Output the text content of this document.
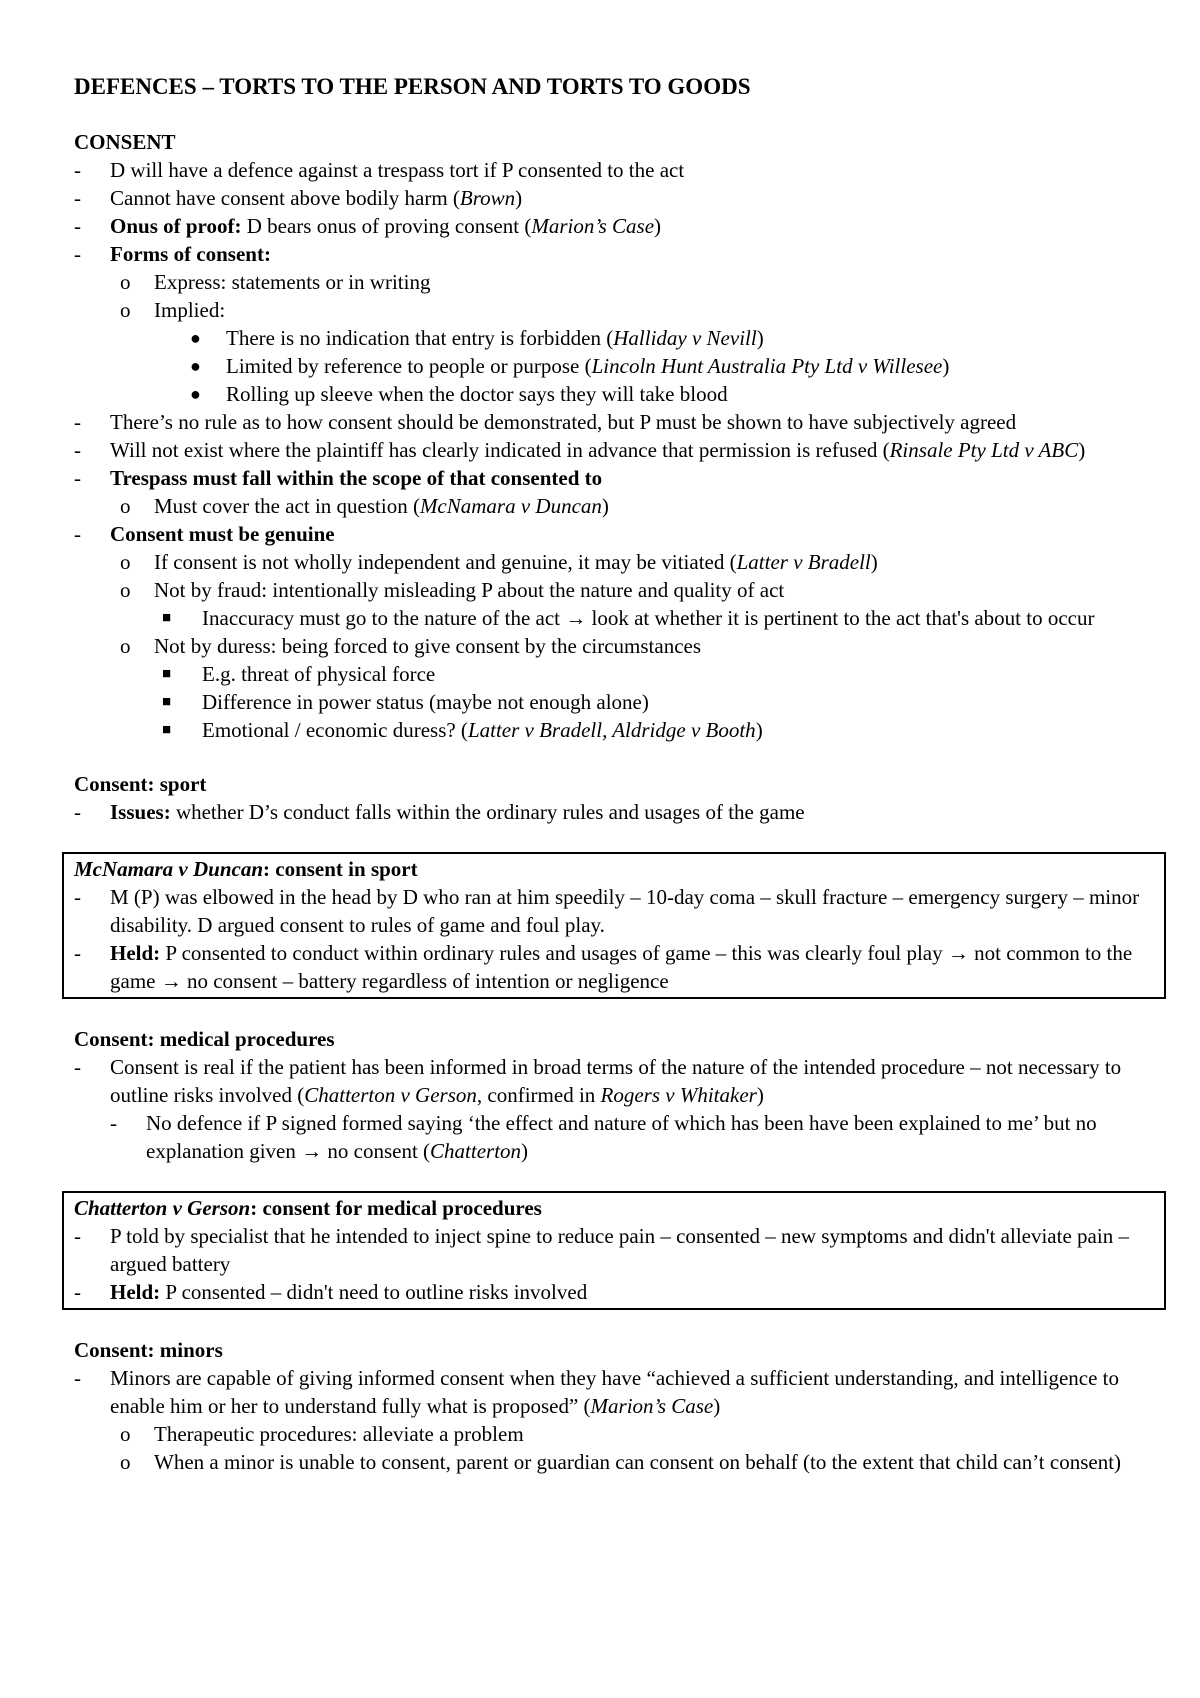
DEFENCES – TORTS TO THE PERSON AND TORTS TO GOODS
CONSENT
-	D will have a defence against a trespass tort if P consented to the act
-	Cannot have consent above bodily harm (Brown)
-	Onus of proof: D bears onus of proving consent (Marion’s Case)
-	Forms of consent:
o	Express: statements or in writing
o	Implied:
●	There is no indication that entry is forbidden (Halliday v Nevill)
●	Limited by reference to people or purpose (Lincoln Hunt Australia Pty Ltd v Willesee)
●	Rolling up sleeve when the doctor says they will take blood
-	There’s no rule as to how consent should be demonstrated, but P must be shown to have subjectively agreed
-	Will not exist where the plaintiff has clearly indicated in advance that permission is refused (Rinsale Pty Ltd v ABC)
-	Trespass must fall within the scope of that consented to
o	Must cover the act in question (McNamara v Duncan)
-	Consent must be genuine
o	If consent is not wholly independent and genuine, it may be vitiated (Latter v Bradell)
o	Not by fraud: intentionally misleading P about the nature and quality of act
■	Inaccuracy must go to the nature of the act → look at whether it is pertinent to the act that's about to occur
o	Not by duress: being forced to give consent by the circumstances
■	E.g. threat of physical force
■	Difference in power status (maybe not enough alone)
■	Emotional / economic duress? (Latter v Bradell, Aldridge v Booth)
Consent: sport
-	Issues: whether D’s conduct falls within the ordinary rules and usages of the game
McNamara v Duncan: consent in sport
-	M (P) was elbowed in the head by D who ran at him speedily – 10-day coma – skull fracture – emergency surgery – minor disability. D argued consent to rules of game and foul play.
-	Held: P consented to conduct within ordinary rules and usages of game – this was clearly foul play → not common to the game → no consent – battery regardless of intention or negligence
Consent: medical procedures
-	Consent is real if the patient has been informed in broad terms of the nature of the intended procedure – not necessary to outline risks involved (Chatterton v Gerson, confirmed in Rogers v Whitaker)
-	No defence if P signed formed saying ‘the effect and nature of which has been have been explained to me’ but no explanation given → no consent (Chatterton)
Chatterton v Gerson: consent for medical procedures
-	P told by specialist that he intended to inject spine to reduce pain – consented – new symptoms and didn't alleviate pain – argued battery
-	Held: P consented – didn't need to outline risks involved
Consent: minors
-	Minors are capable of giving informed consent when they have “achieved a sufficient understanding, and intelligence to enable him or her to understand fully what is proposed” (Marion’s Case)
o	Therapeutic procedures: alleviate a problem
o	When a minor is unable to consent, parent or guardian can consent on behalf (to the extent that child can’t consent)
